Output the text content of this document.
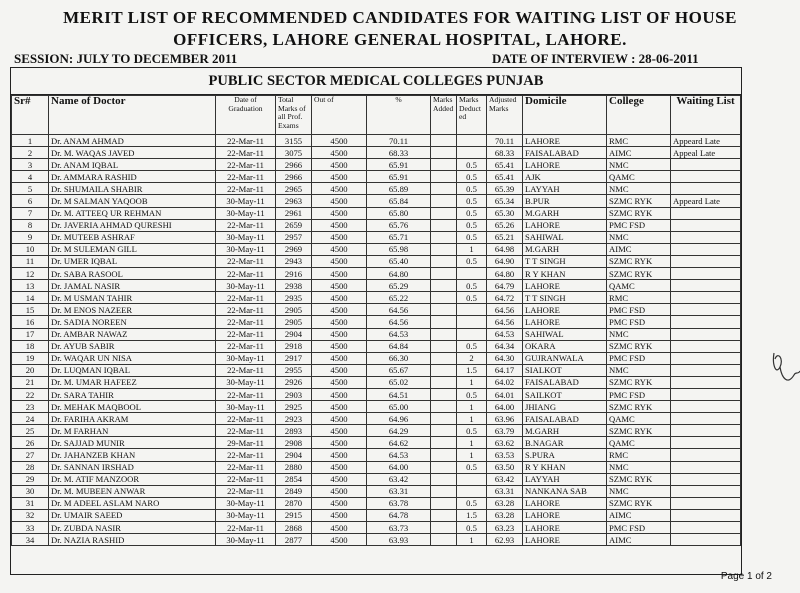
MERIT LIST OF RECOMMENDED CANDIDATES FOR WAITING LIST OF HOUSE
OFFICERS, LAHORE GENERAL HOSPITAL, LAHORE.
SESSION: JULY TO DECEMBER 2011	DATE OF INTERVIEW : 28-06-2011
PUBLIC SECTOR MEDICAL COLLEGES PUNJAB
Sr#	Name of Doctor	Date of Graduation	Total Marks of all Prof. Exams	Out of	%	Marks Added	Marks Deducted	Adjusted Marks	Domicile	College	Waiting List
1	Dr. ANAM AHMAD	22-Mar-11	3155	4500	70.11			70.11	LAHORE	RMC	Appeard Late
2	Dr. M. WAQAS JAVED	22-Mar-11	3075	4500	68.33			68.33	FAISALABAD	AIMC	Appeal Late
3	Dr. ANAM IQBAL	22-Mar-11	2966	4500	65.91		0.5	65.41	LAHORE	NMC	
4	Dr. AMMARA RASHID	22-Mar-11	2966	4500	65.91		0.5	65.41	AJK	QAMC	
5	Dr. SHUMAILA SHABIR	22-Mar-11	2965	4500	65.89		0.5	65.39	LAYYAH	NMC	
6	Dr. M SALMAN YAQOOB	30-May-11	2963	4500	65.84		0.5	65.34	B.PUR	SZMC RYK	Appeard Late
7	Dr. M. ATTEEQ UR REHMAN	30-May-11	2961	4500	65.80		0.5	65.30	M.GARH	SZMC RYK	
8	Dr. JAVERIA AHMAD QURESHI	22-Mar-11	2659	4500	65.76		0.5	65.26	LAHORE	PMC FSD	
9	Dr. MUTEEB ASHRAF	30-May-11	2957	4500	65.71		0.5	65.21	SAHIWAL	NMC	
10	Dr. M SULEMAN GILL	30-May-11	2969	4500	65.98		1	64.98	M.GARH	AIMC	
11	Dr. UMER IQBAL	22-Mar-11	2943	4500	65.40		0.5	64.90	T T SINGH	SZMC RYK	
12	Dr. SABA RASOOL	22-Mar-11	2916	4500	64.80			64.80	R Y KHAN	SZMC RYK	
13	Dr. JAMAL NASIR	30-May-11	2938	4500	65.29		0.5	64.79	LAHORE	QAMC	
14	Dr. M USMAN TAHIR	22-Mar-11	2935	4500	65.22		0.5	64.72	T T SINGH	RMC	
15	Dr. M ENOS NAZEER	22-Mar-11	2905	4500	64.56			64.56	LAHORE	PMC FSD	
16	Dr. SADIA NOREEN	22-Mar-11	2905	4500	64.56			64.56	LAHORE	PMC FSD	
17	Dr. AMBAR NAWAZ	22-Mar-11	2904	4500	64.53			64.53	SAHIWAL	NMC	
18	Dr. AYUB SABIR	22-Mar-11	2918	4500	64.84		0.5	64.34	OKARA	SZMC RYK	
19	Dr. WAQAR UN NISA	30-May-11	2917	4500	66.30		2	64.30	GUJRANWALA	PMC FSD	
20	Dr. LUQMAN IQBAL	22-Mar-11	2955	4500	65.67		1.5	64.17	SIALKOT	NMC	
21	Dr. M. UMAR HAFEEZ	30-May-11	2926	4500	65.02		1	64.02	FAISALABAD	SZMC RYK	
22	Dr. SARA TAHIR	22-Mar-11	2903	4500	64.51		0.5	64.01	SAILKOT	PMC FSD	
23	Dr. MEHAK MAQBOOL	30-May-11	2925	4500	65.00		1	64.00	JHIANG	SZMC RYK	
24	Dr. FARIHA AKRAM	22-Mar-11	2923	4500	64.96		1	63.96	FAISALABAD	QAMC	
25	Dr. M FARHAN	22-Mar-11	2893	4500	64.29		0.5	63.79	M.GARH	SZMC RYK	
26	Dr. SAJJAD MUNIR	29-Mar-11	2908	4500	64.62		1	63.62	B.NAGAR	QAMC	
27	Dr. JAHANZEB KHAN	22-Mar-11	2904	4500	64.53		1	63.53	S.PURA	RMC	
28	Dr. SANNAN IRSHAD	22-Mar-11	2880	4500	64.00		0.5	63.50	R Y KHAN	NMC	
29	Dr. M. ATIF MANZOOR	22-Mar-11	2854	4500	63.42			63.42	LAYYAH	SZMC RYK	
30	Dr. M. MUBEEN ANWAR	22-Mar-11	2849	4500	63.31			63.31	NANKANA SAB	NMC	
31	Dr. M ADEEL ASLAM NARO	30-May-11	2870	4500	63.78		0.5	63.28	LAHORE	SZMC RYK	
32	Dr. UMAIR SAEED	30-May-11	2915	4500	64.78		1.5	63.28	LAHORE	AIMC	
33	Dr. ZUBDA NASIR	22-Mar-11	2868	4500	63.73		0.5	63.23	LAHORE	PMC FSD	
34	Dr. NAZIA RASHID	30-May-11	2877	4500	63.93		1	62.93	LAHORE	AIMC	
Page 1 of 2
